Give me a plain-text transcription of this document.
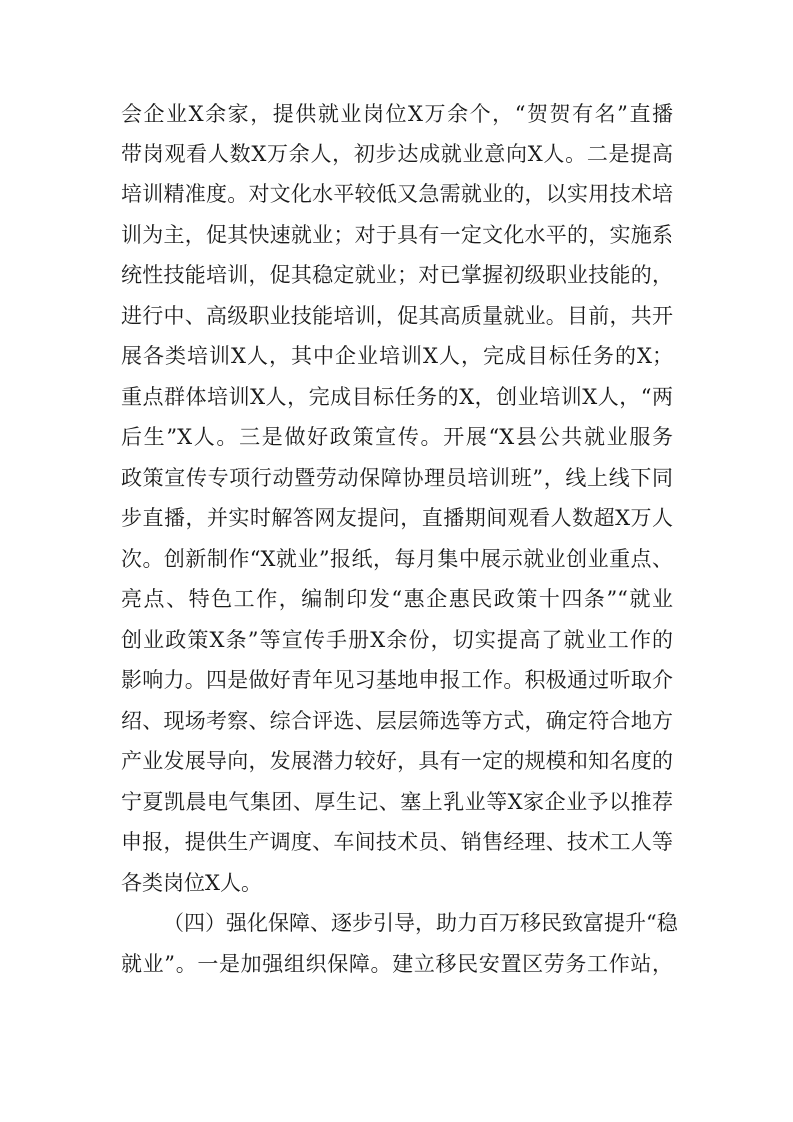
会企业X余家，提供就业岗位X万余个，“贺贺有名”直播
带岗观看人数X万余人，初步达成就业意向X人。二是提高
培训精准度。对文化水平较低又急需就业的，以实用技术培
训为主，促其快速就业；对于具有一定文化水平的，实施系
统性技能培训，促其稳定就业；对已掌握初级职业技能的，
进行中、高级职业技能培训，促其高质量就业。目前，共开
展各类培训X人，其中企业培训X人，完成目标任务的X；
重点群体培训X人，完成目标任务的X，创业培训X人，“两
后生”X人。三是做好政策宣传。开展“X县公共就业服务
政策宣传专项行动暨劳动保障协理员培训班”，线上线下同
步直播，并实时解答网友提问，直播期间观看人数超X万人
次。创新制作“X就业”报纸，每月集中展示就业创业重点、
亮点、特色工作，编制印发“惠企惠民政策十四条”“就业
创业政策X条”等宣传手册X余份，切实提高了就业工作的
影响力。四是做好青年见习基地申报工作。积极通过听取介
绍、现场考察、综合评选、层层筛选等方式，确定符合地方
产业发展导向，发展潜力较好，具有一定的规模和知名度的
宁夏凯晨电气集团、厚生记、塞上乳业等X家企业予以推荐
申报，提供生产调度、车间技术员、销售经理、技术工人等
各类岗位X人。
（四）强化保障、逐步引导，助力百万移民致富提升“稳
就业”。一是加强组织保障。建立移民安置区劳务工作站，
